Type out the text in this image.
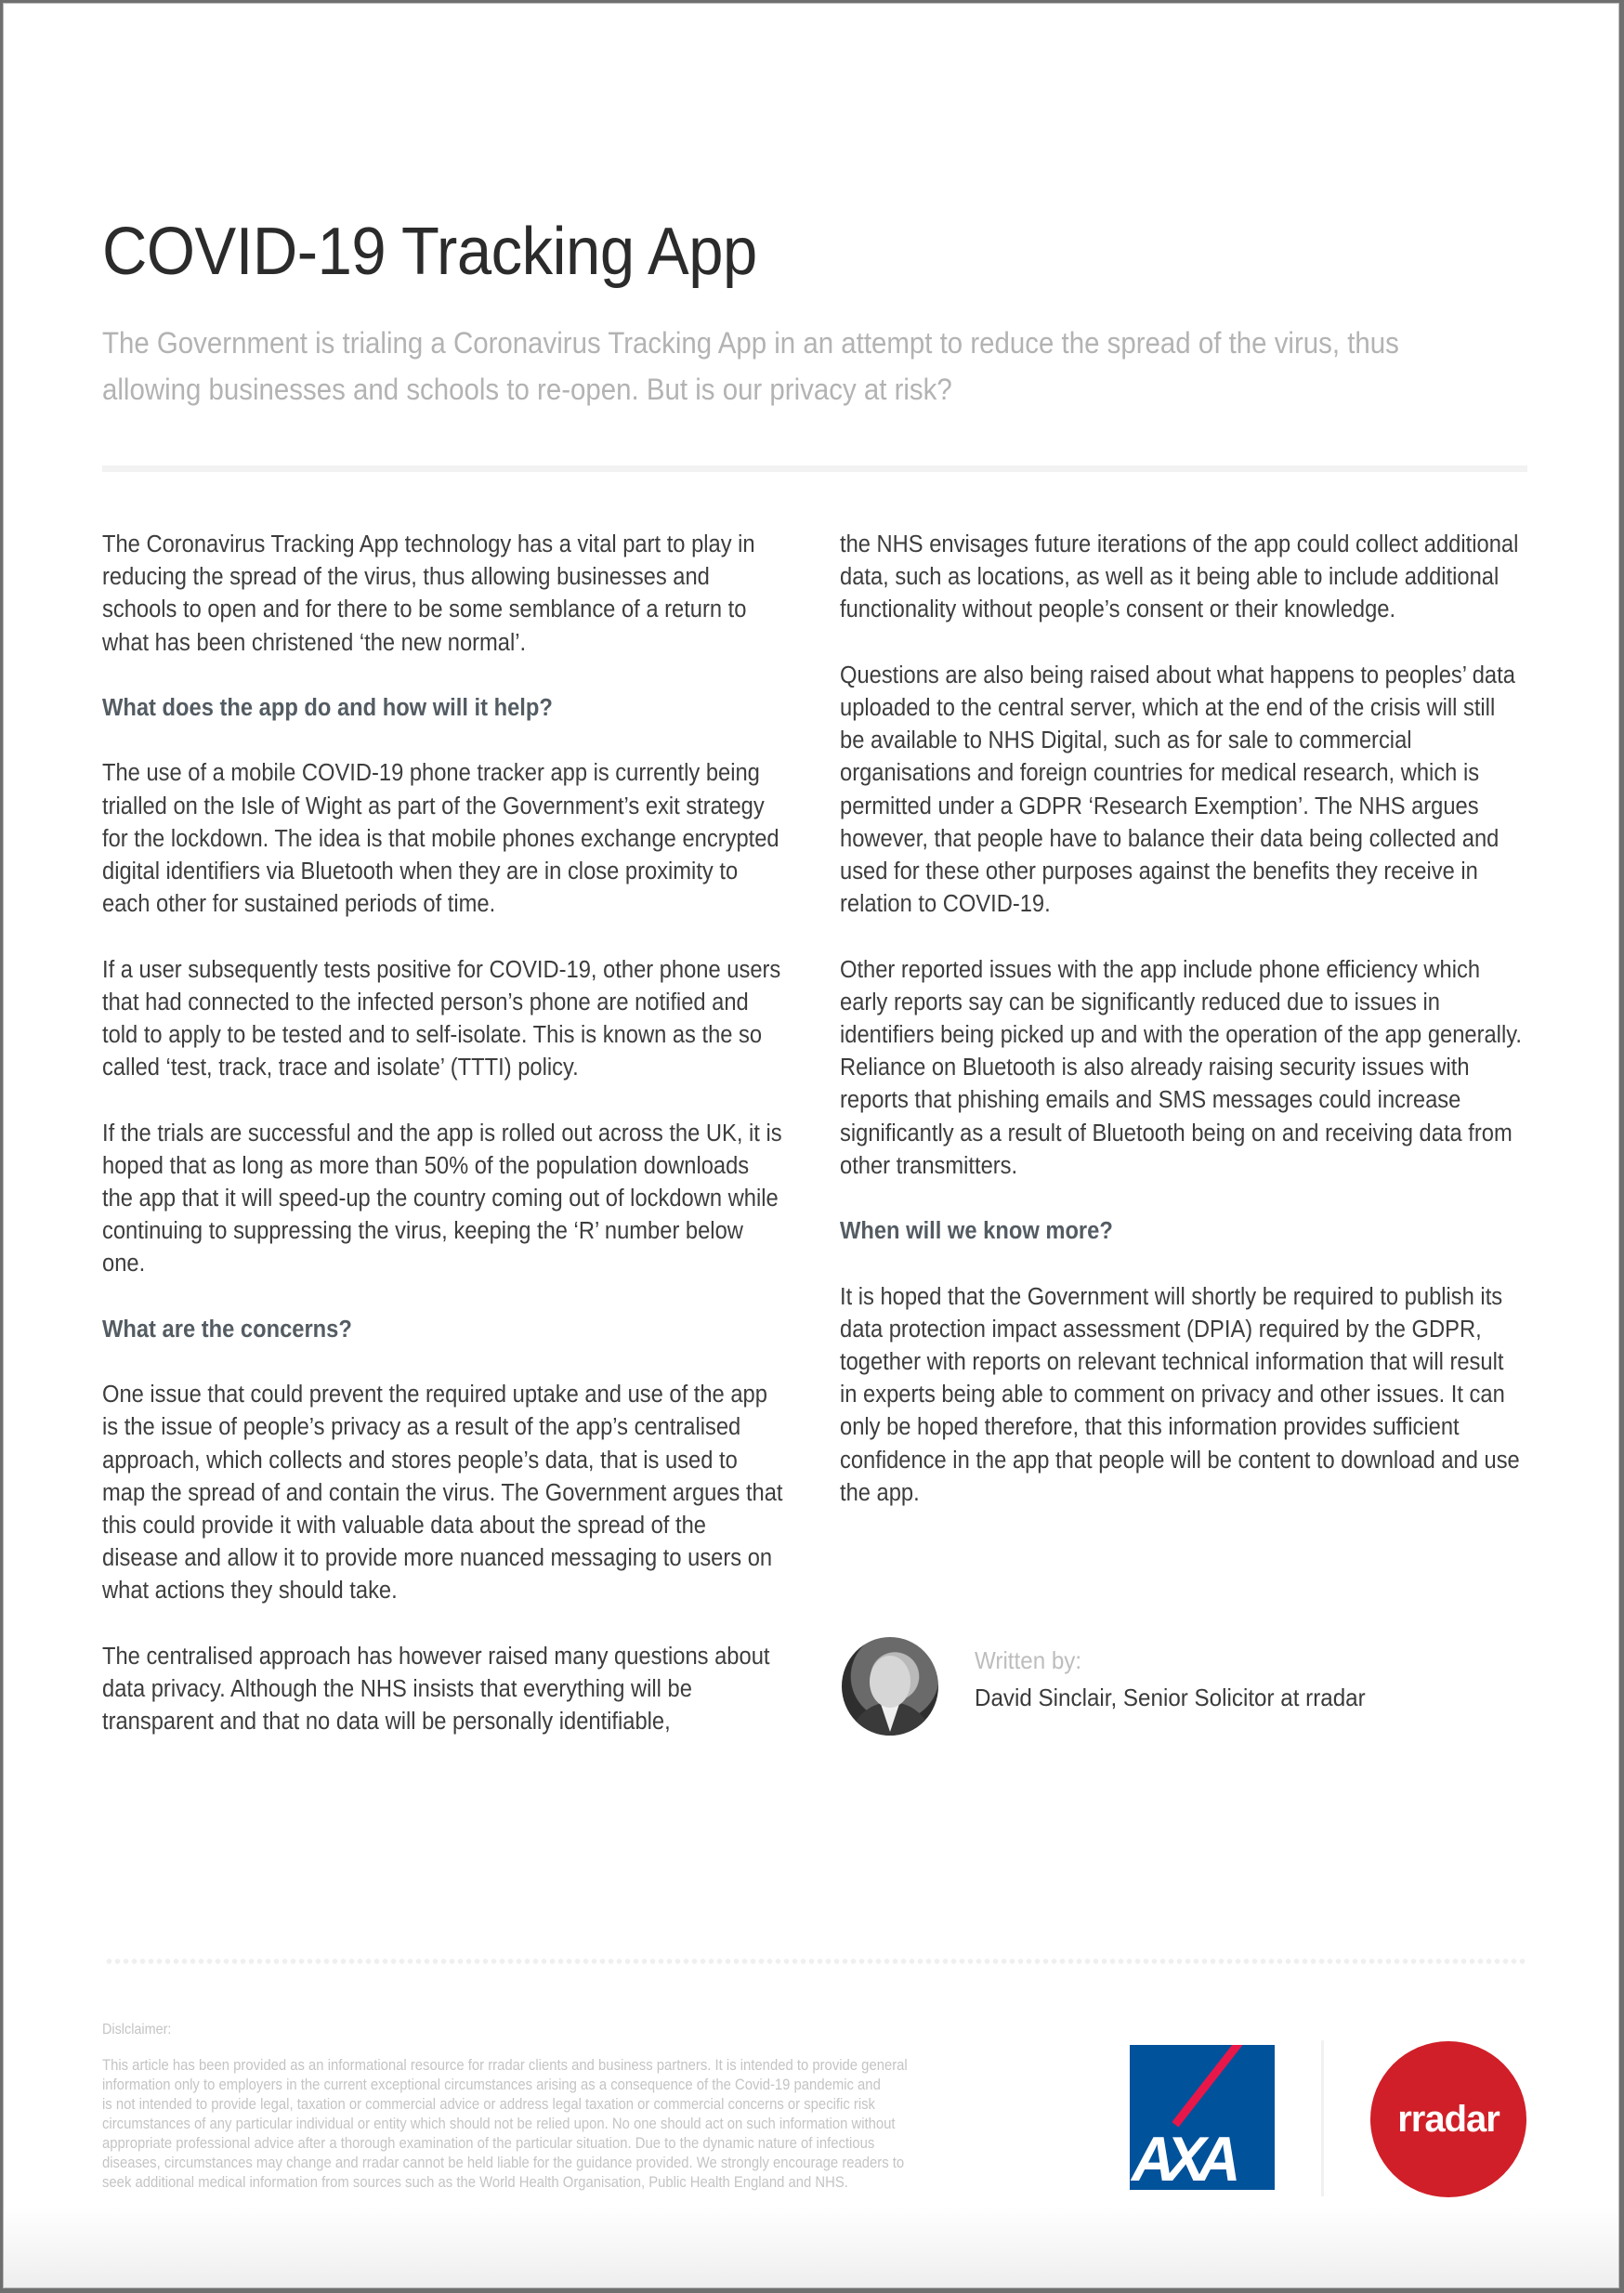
COVID-19 Tracking App
The Government is trialing a Coronavirus Tracking App in an attempt to reduce the spread of the virus, thus allowing businesses and schools to re-open. But is our privacy at risk?

The Coronavirus Tracking App technology has a vital part to play in reducing the spread of the virus, thus allowing businesses and schools to open and for there to be some semblance of a return to what has been christened ‘the new normal’.

What does the app do and how will it help?

The use of a mobile COVID-19 phone tracker app is currently being trialled on the Isle of Wight as part of the Government’s exit strategy for the lockdown. The idea is that mobile phones exchange encrypted digital identifiers via Bluetooth when they are in close proximity to each other for sustained periods of time.

If a user subsequently tests positive for COVID-19, other phone users that had connected to the infected person’s phone are notified and told to apply to be tested and to self-isolate. This is known as the so called ‘test, track, trace and isolate’ (TTTI) policy.

If the trials are successful and the app is rolled out across the UK, it is hoped that as long as more than 50% of the population downloads the app that it will speed-up the country coming out of lockdown while continuing to suppressing the virus, keeping the ‘R’ number below one.

What are the concerns?

One issue that could prevent the required uptake and use of the app is the issue of people’s privacy as a result of the app’s centralised approach, which collects and stores people’s data, that is used to map the spread of and contain the virus. The Government argues that this could provide it with valuable data about the spread of the disease and allow it to provide more nuanced messaging to users on what actions they should take.

The centralised approach has however raised many questions about data privacy. Although the NHS insists that everything will be transparent and that no data will be personally identifiable,

the NHS envisages future iterations of the app could collect additional data, such as locations, as well as it being able to include additional functionality without people’s consent or their knowledge.

Questions are also being raised about what happens to peoples’ data uploaded to the central server, which at the end of the crisis will still be available to NHS Digital, such as for sale to commercial organisations and foreign countries for medical research, which is permitted under a GDPR ‘Research Exemption’. The NHS argues however, that people have to balance their data being collected and used for these other purposes against the benefits they receive in relation to COVID-19.

Other reported issues with the app include phone efficiency which early reports say can be significantly reduced due to issues in identifiers being picked up and with the operation of the app generally. Reliance on Bluetooth is also already raising security issues with reports that phishing emails and SMS messages could increase significantly as a result of Bluetooth being on and receiving data from other transmitters.

When will we know more?

It is hoped that the Government will shortly be required to publish its data protection impact assessment (DPIA) required by the GDPR, together with reports on relevant technical information that will result in experts being able to comment on privacy and other issues. It can only be hoped therefore, that this information provides sufficient confidence in the app that people will be content to download and use the app.

Written by:
David Sinclair, Senior Solicitor at rradar
Dislclaimer:
This article has been provided as an informational resource for rradar clients and business partners. It is intended to provide general
information only to employers in the current exceptional circumstances arising as a consequence of the Covid-19 pandemic and
is not intended to provide legal, taxation or commercial advice or address legal taxation or commercial concerns or specific risk
circumstances of any particular individual or entity which should not be relied upon. No one should act on such information without
appropriate professional advice after a thorough examination of the particular situation. Due to the dynamic nature of infectious
diseases, circumstances may change and rradar cannot be held liable for the guidance provided. We strongly encourage readers to
seek additional medical information from sources such as the World Health Organisation, Public Health England and NHS.	AXA
rradar
